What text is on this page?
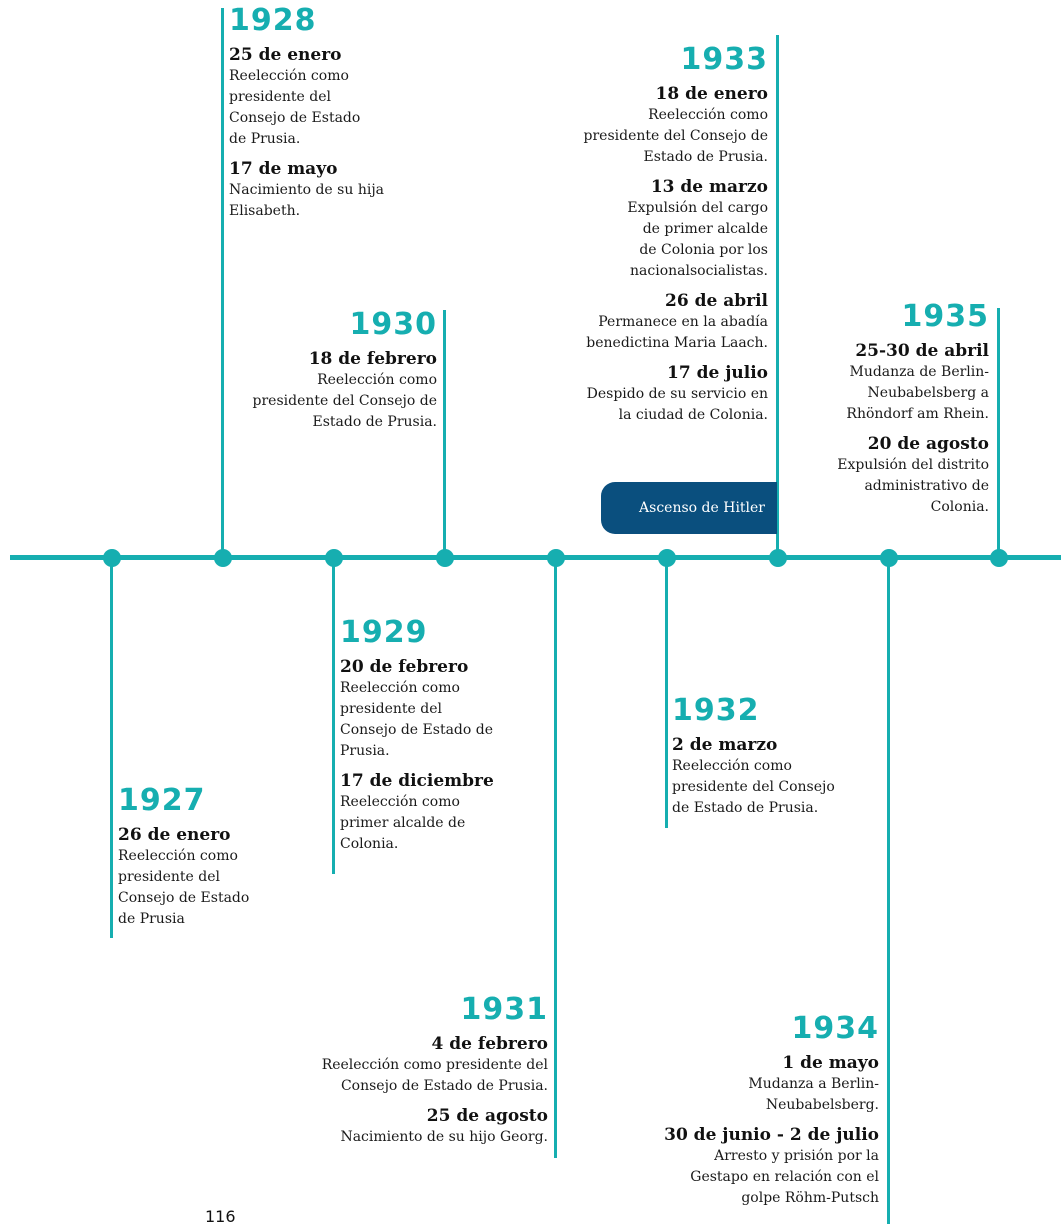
1927
26 de enero
Reelección como
presidente del
Consejo de Estado
de Prusia
1928
25 de enero
Reelección como
presidente del
Consejo de Estado
de Prusia.
17 de mayo
Nacimiento de su hija
Elisabeth.
1929
20 de febrero
Reelección como
presidente del
Consejo de Estado de
Prusia.
17 de diciembre
Reelección como
primer alcalde de
Colonia.
1930
18 de febrero
Reelección como
presidente del Consejo de
Estado de Prusia.
1931
4 de febrero
Reelección como presidente del
Consejo de Estado de Prusia.
25 de agosto
Nacimiento de su hijo Georg.
1932
2 de marzo
Reelección como
presidente del Consejo
de Estado de Prusia.
1933
18 de enero
Reelección como
presidente del Consejo de
Estado de Prusia.
13 de marzo
Expulsión del cargo
de primer alcalde
de Colonia por los
nacionalsocialistas.
26 de abril
Permanece en la abadía
benedictina Maria Laach.
17 de julio
Despido de su servicio en
la ciudad de Colonia.
Ascenso de Hitler
1934
1 de mayo
Mudanza a Berlin-
Neubabelsberg.
30 de junio - 2 de julio
Arresto y prisión por la
Gestapo en relación con el
golpe Röhm-Putsch
1935
25-30 de abril
Mudanza de Berlin-
Neubabelsberg a
Rhöndorf am Rhein.
20 de agosto
Expulsión del distrito
administrativo de
Colonia.
116
